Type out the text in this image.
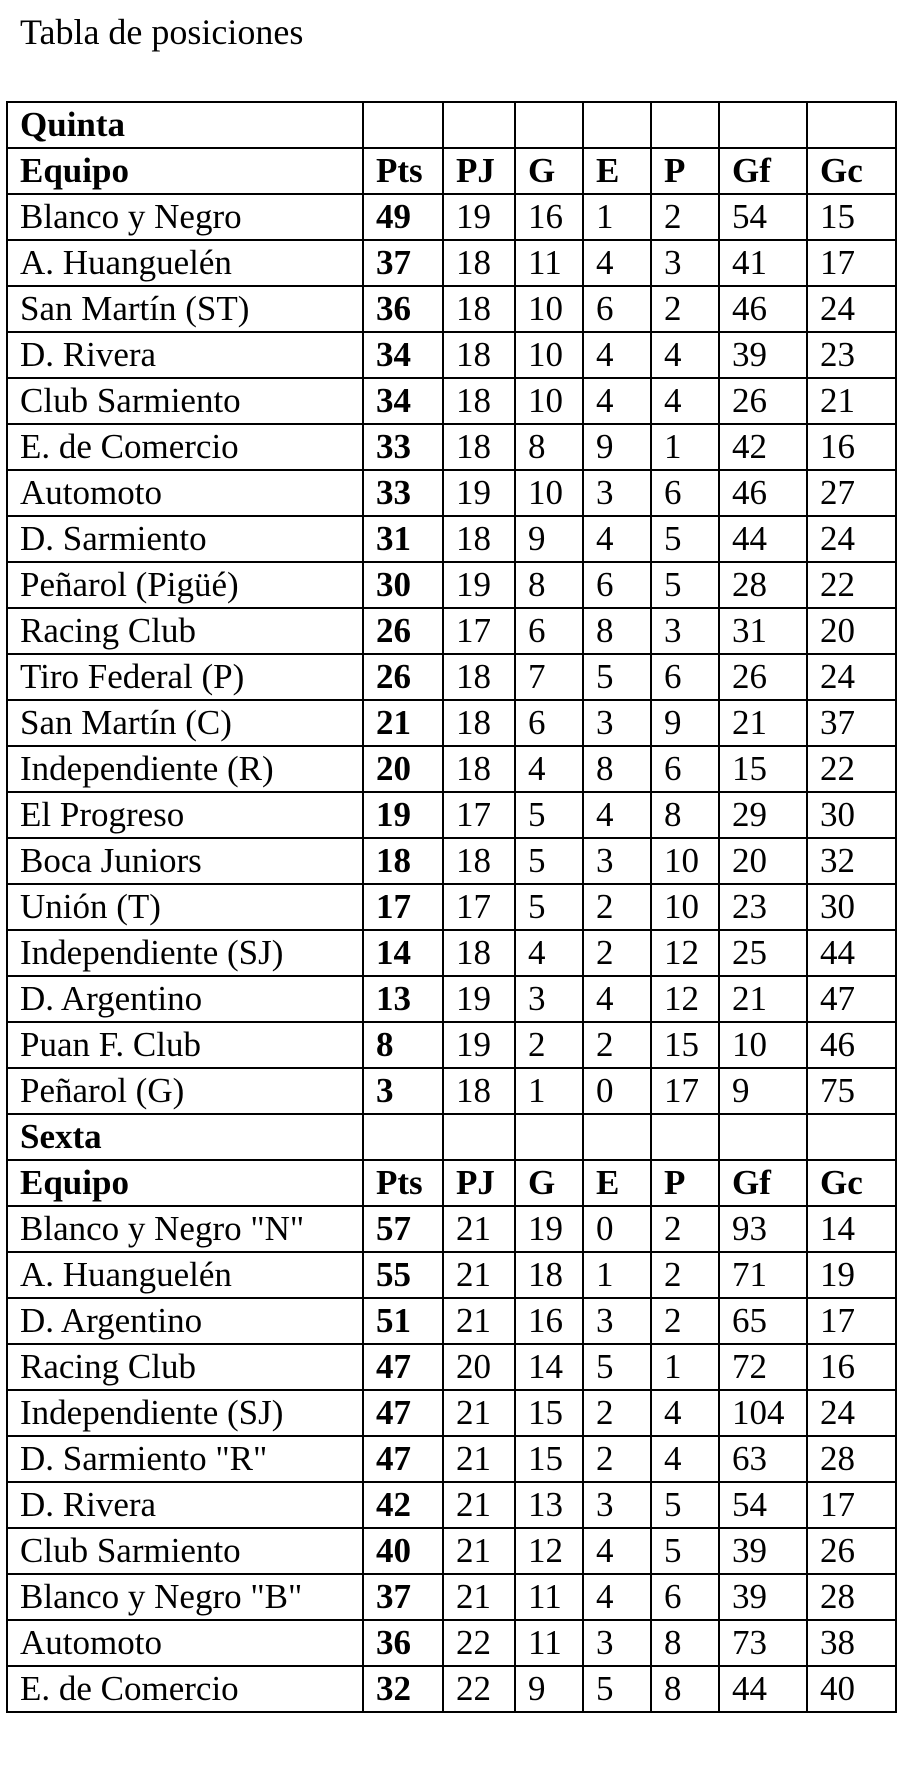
Tabla de posiciones
Quinta							
Equipo	Pts	PJ	G	E	P	Gf	Gc
Blanco y Negro	49	19	16	1	2	54	15
A. Huanguelén	37	18	11	4	3	41	17
San Martín (ST)	36	18	10	6	2	46	24
D. Rivera	34	18	10	4	4	39	23
Club Sarmiento	34	18	10	4	4	26	21
E. de Comercio	33	18	8	9	1	42	16
Automoto	33	19	10	3	6	46	27
D. Sarmiento	31	18	9	4	5	44	24
Peñarol (Pigüé)	30	19	8	6	5	28	22
Racing Club	26	17	6	8	3	31	20
Tiro Federal (P)	26	18	7	5	6	26	24
San Martín (C)	21	18	6	3	9	21	37
Independiente (R)	20	18	4	8	6	15	22
El Progreso	19	17	5	4	8	29	30
Boca Juniors	18	18	5	3	10	20	32
Unión (T)	17	17	5	2	10	23	30
Independiente (SJ)	14	18	4	2	12	25	44
D. Argentino	13	19	3	4	12	21	47
Puan F. Club	8	19	2	2	15	10	46
Peñarol (G)	3	18	1	0	17	9	75
Sexta							
Equipo	Pts	PJ	G	E	P	Gf	Gc
Blanco y Negro "N"	57	21	19	0	2	93	14
A. Huanguelén	55	21	18	1	2	71	19
D. Argentino	51	21	16	3	2	65	17
Racing Club	47	20	14	5	1	72	16
Independiente (SJ)	47	21	15	2	4	104	24
D. Sarmiento "R"	47	21	15	2	4	63	28
D. Rivera	42	21	13	3	5	54	17
Club Sarmiento	40	21	12	4	5	39	26
Blanco y Negro "B"	37	21	11	4	6	39	28
Automoto	36	22	11	3	8	73	38
E. de Comercio	32	22	9	5	8	44	40
